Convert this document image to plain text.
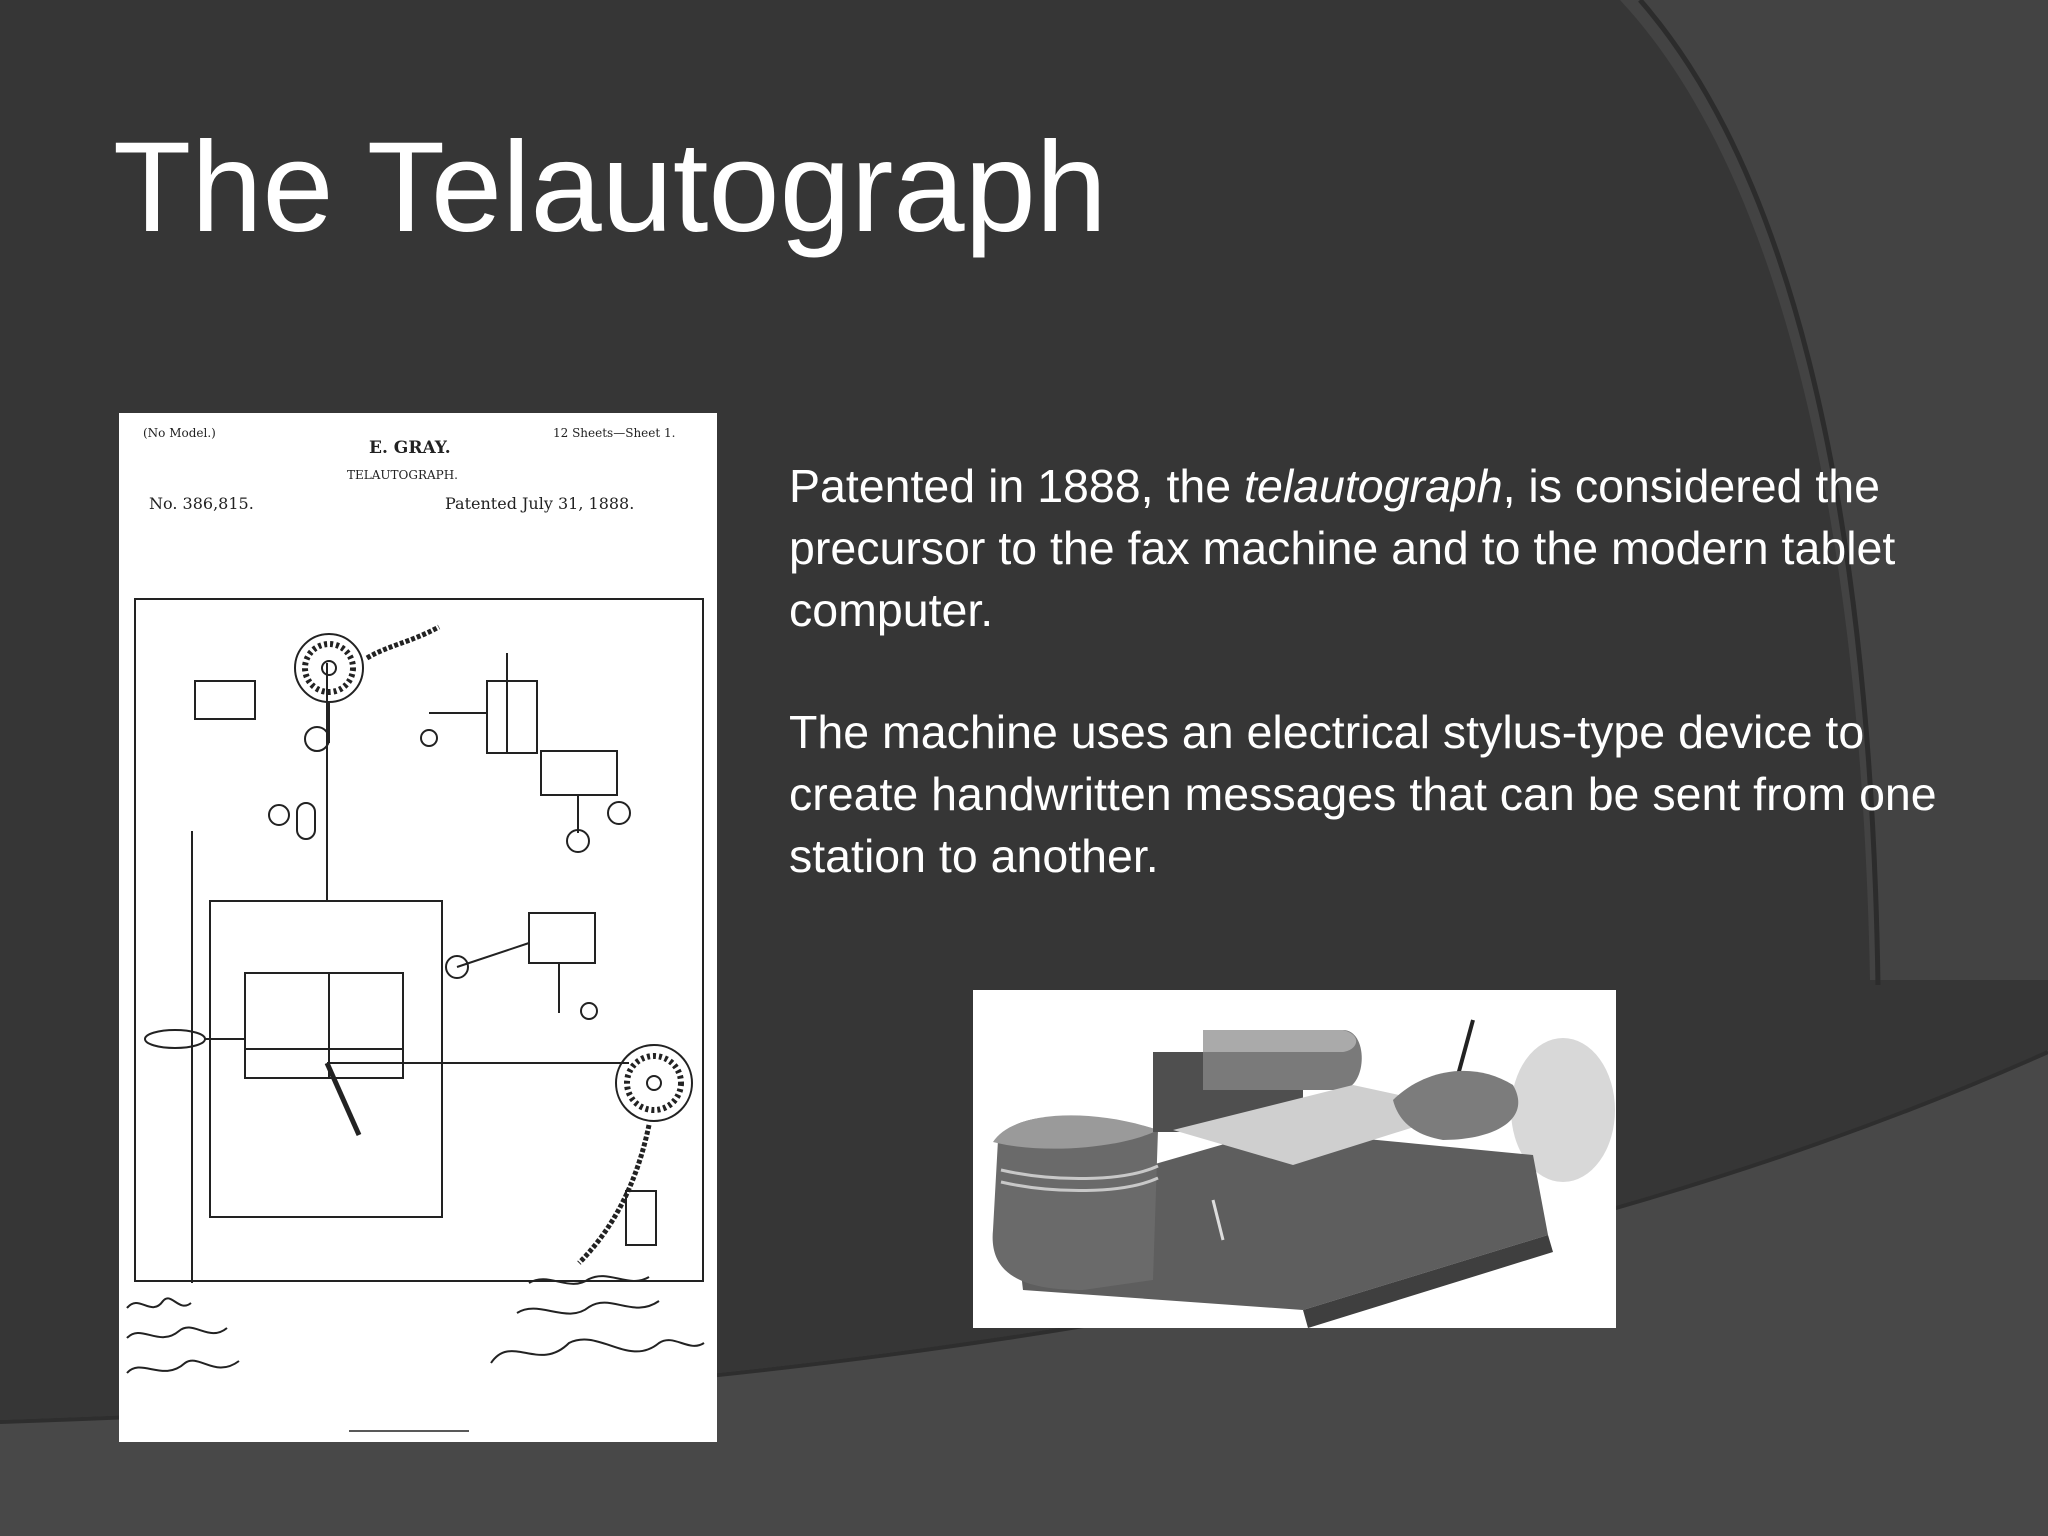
The Telautograph

Patented in 1888, the telautograph, is considered the precursor to the fax machine and to the modern tablet computer.

The machine uses an electrical stylus-type device to create handwritten messages that can be sent from one station to another.

(No Model.)	12 Sheets—Sheet 1.
E. GRAY.
TELAUTOGRAPH.
No. 386,815.	Patented July 31, 1888.
